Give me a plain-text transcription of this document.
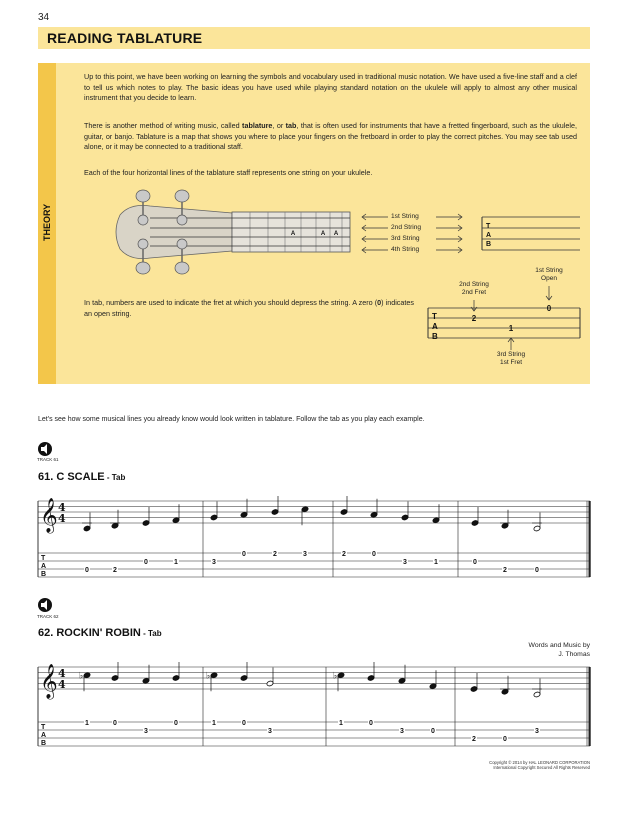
34
READING TABLATURE
THEORY
Up to this point, we have been working on learning the symbols and vocabulary used in traditional music notation. We have used a five-line staff and a clef to tell us which notes to play. The basic ideas you have used while playing standard notation on the ukulele will apply to almost any other musical instrument that you decide to learn.
There is another method of writing music, called tablature, or tab, that is often used for instruments that have a fretted fingerboard, such as the ukulele, guitar, or banjo. Tablature is a map that shows you where to place your fingers on the fretboard in order to play the correct pitches. You may see tab used alone, or it may be connected to a traditional staff.
Each of the four horizontal lines of the tablature staff represents one string on your ukulele.
In tab, numbers are used to indicate the fret at which you should depress the string. A zero (0) indicates an open string.
1st String
2nd String
3rd String
4th String
2nd String
2nd Fret
1st String
Open
3rd String
1st Fret
Let's see how some musical lines you already know would look written in tablature. Follow the tab as you play each example.
TRACK 61
61. C SCALE - Tab
TRACK 62
62. ROCKIN' ROBIN - Tab
Words and Music by
J. Thomas
Copyright © 2014 by HAL LEONARD CORPORATION
International Copyright Secured All Rights Reserved
A	A A
T
A
B
T
A
B
2
0
1
𝄞 4
4
T
A
B
0	2
0	1	3
0	2	3	2	0
3	1	0
2	0
𝄞 4
4
T
A
B
♭	♭	♭
1	0
3
0	1	0
3
1	0
3	0
2	0
3
